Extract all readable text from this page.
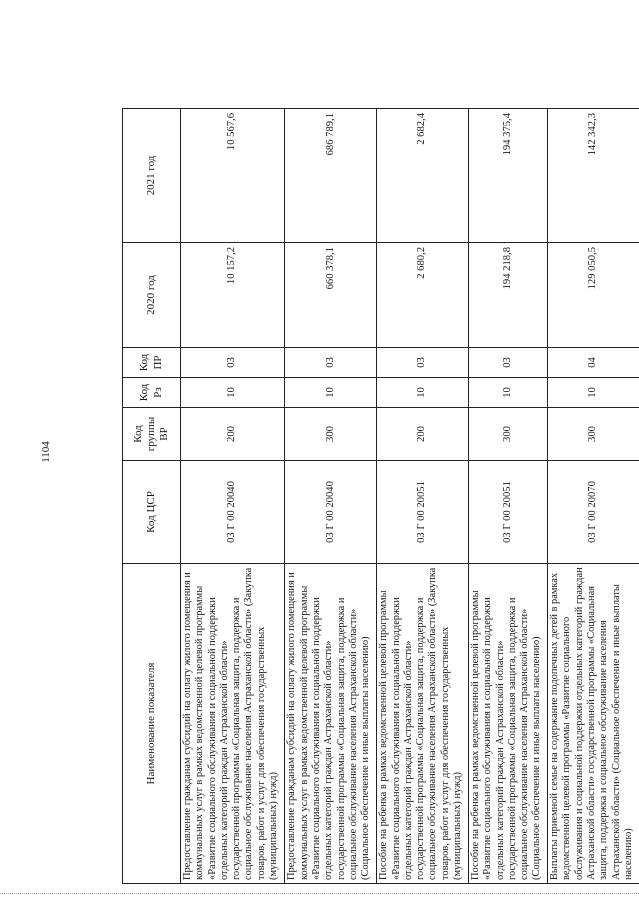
1104
Наименование показателя	Код ЦСР	Код группы ВР	Код Рз	Код ПР	2020 год	2021 год
Предоставление гражданам субсидий на оплату жилого помещения и коммунальных услуг в рамках ведомственной целевой программы «Развитие социального обслуживания и социальной поддержки отдельных категорий граждан Астраханской области» государственной программы «Социальная защита, поддержка и социальное обслуживание населения Астраханской области» (Закупка товаров, работ и услуг для обеспечения государственных (муниципальных) нужд)	03 Г 00 20040	200	10	03	10 157,2	10 567,6
Предоставление гражданам субсидий на оплату жилого помещения и коммунальных услуг в рамках ведомственной целевой программы «Развитие социального обслуживания и социальной поддержки отдельных категорий граждан Астраханской области» государственной программы «Социальная защита, поддержка и социальное обслуживание населения Астраханской области» (Социальное обеспечение и иные выплаты населению)	03 Г 00 20040	300	10	03	660 378,1	686 789,1
Пособие на ребенка в рамках ведомственной целевой программы «Развитие социального обслуживания и социальной поддержки отдельных категорий граждан Астраханской области» государственной программы «Социальная защита, поддержка и социальное обслуживание населения Астраханской области» (Закупка товаров, работ и услуг для обеспечения государственных (муниципальных) нужд)	03 Г 00 20051	200	10	03	2 680,2	2 682,4
Пособие на ребенка в рамках ведомственной целевой программы «Развитие социального обслуживания и социальной поддержки отдельных категорий граждан Астраханской области» государственной программы «Социальная защита, поддержка и социальное обслуживание населения Астраханской области» (Социальное обеспечение и иные выплаты населению)	03 Г 00 20051	300	10	03	194 218,8	194 375,4
Выплаты приемной семье на содержание подопечных детей в рамках ведомственной целевой программы «Развитие социального обслуживания и социальной поддержки отдельных категорий граждан Астраханской области» государственной программы «Социальная защита, поддержка и социальное обслуживание населения Астраханской области» (Социальное обеспечение и иные выплаты населению)	03 Г 00 20070	300	10	04	129 050,5	142 342,3
